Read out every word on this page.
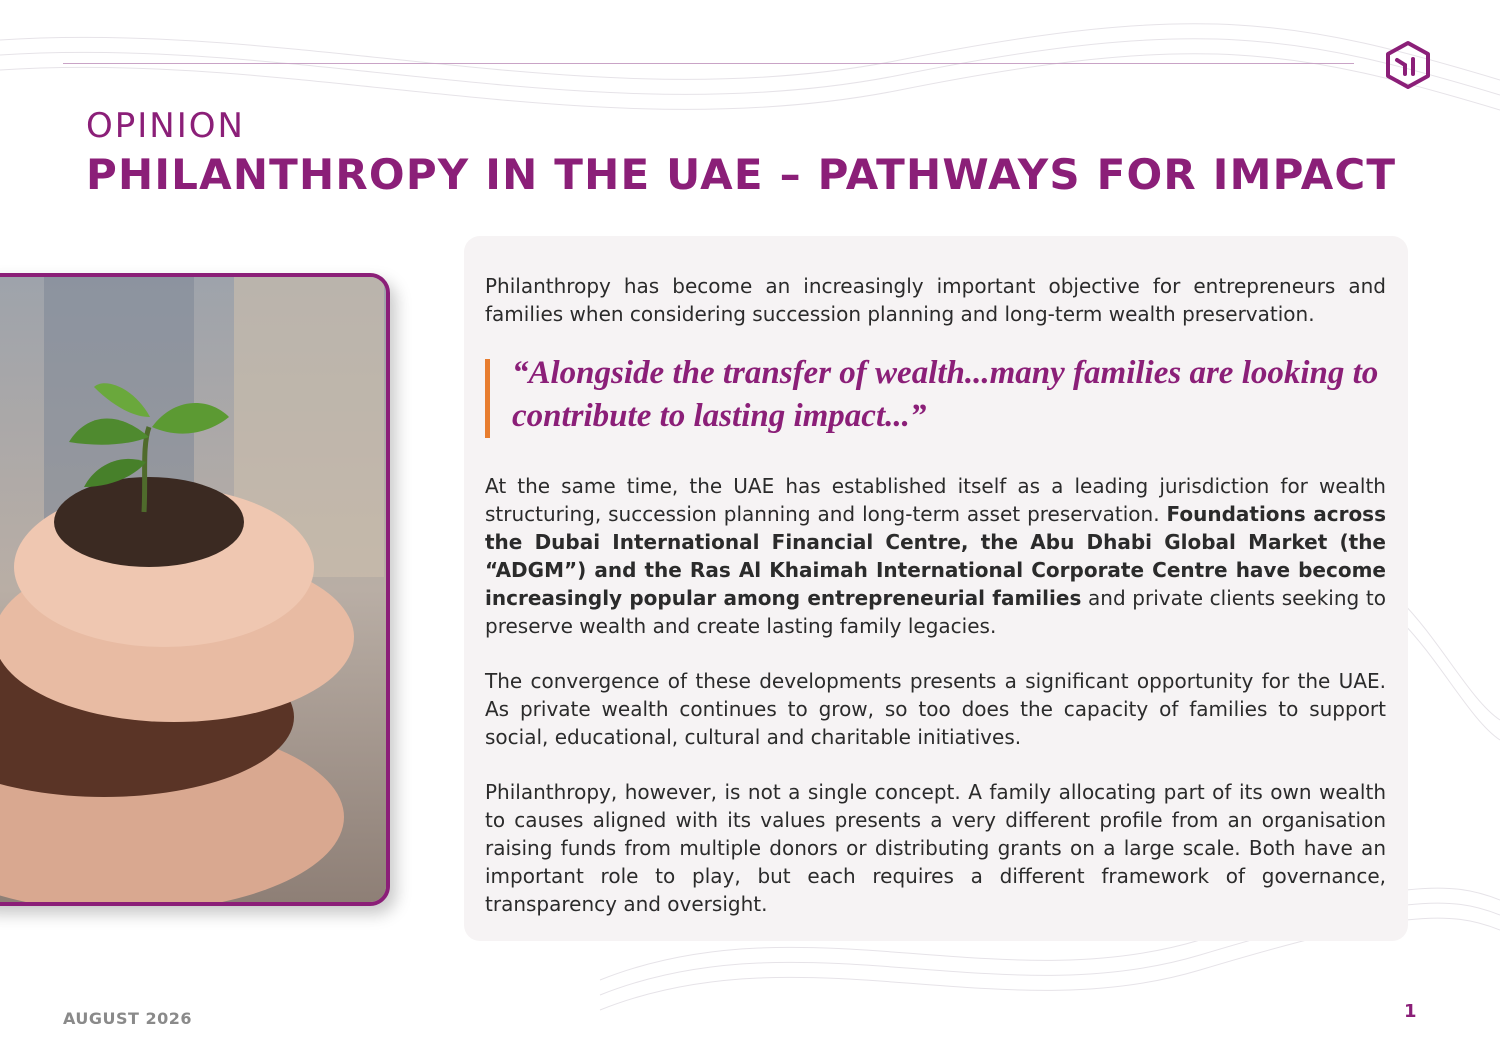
OPINION
PHILANTHROPY IN THE UAE – PATHWAYS FOR IMPACT

Philanthropy has become an increasingly important objective for entrepreneurs and families when considering succession planning and long-term wealth preservation.

“Alongside the transfer of wealth...many families are looking to contribute to lasting impact...”

At the same time, the UAE has established itself as a leading jurisdiction for wealth structuring, succession planning and long-term asset preservation. Foundations across the Dubai International Financial Centre, the Abu Dhabi Global Market (the “ADGM”) and the Ras Al Khaimah International Corporate Centre have become increasingly popular among entrepreneurial families and private clients seeking to preserve wealth and create lasting family legacies.

The convergence of these developments presents a significant opportunity for the UAE. As private wealth continues to grow, so too does the capacity of families to support social, educational, cultural and charitable initiatives.

Philanthropy, however, is not a single concept. A family allocating part of its own wealth to causes aligned with its values presents a very different profile from an organisation raising funds from multiple donors or distributing grants on a large scale. Both have an important role to play, but each requires a different framework of governance, transparency and oversight.

AUGUST 2026	1
